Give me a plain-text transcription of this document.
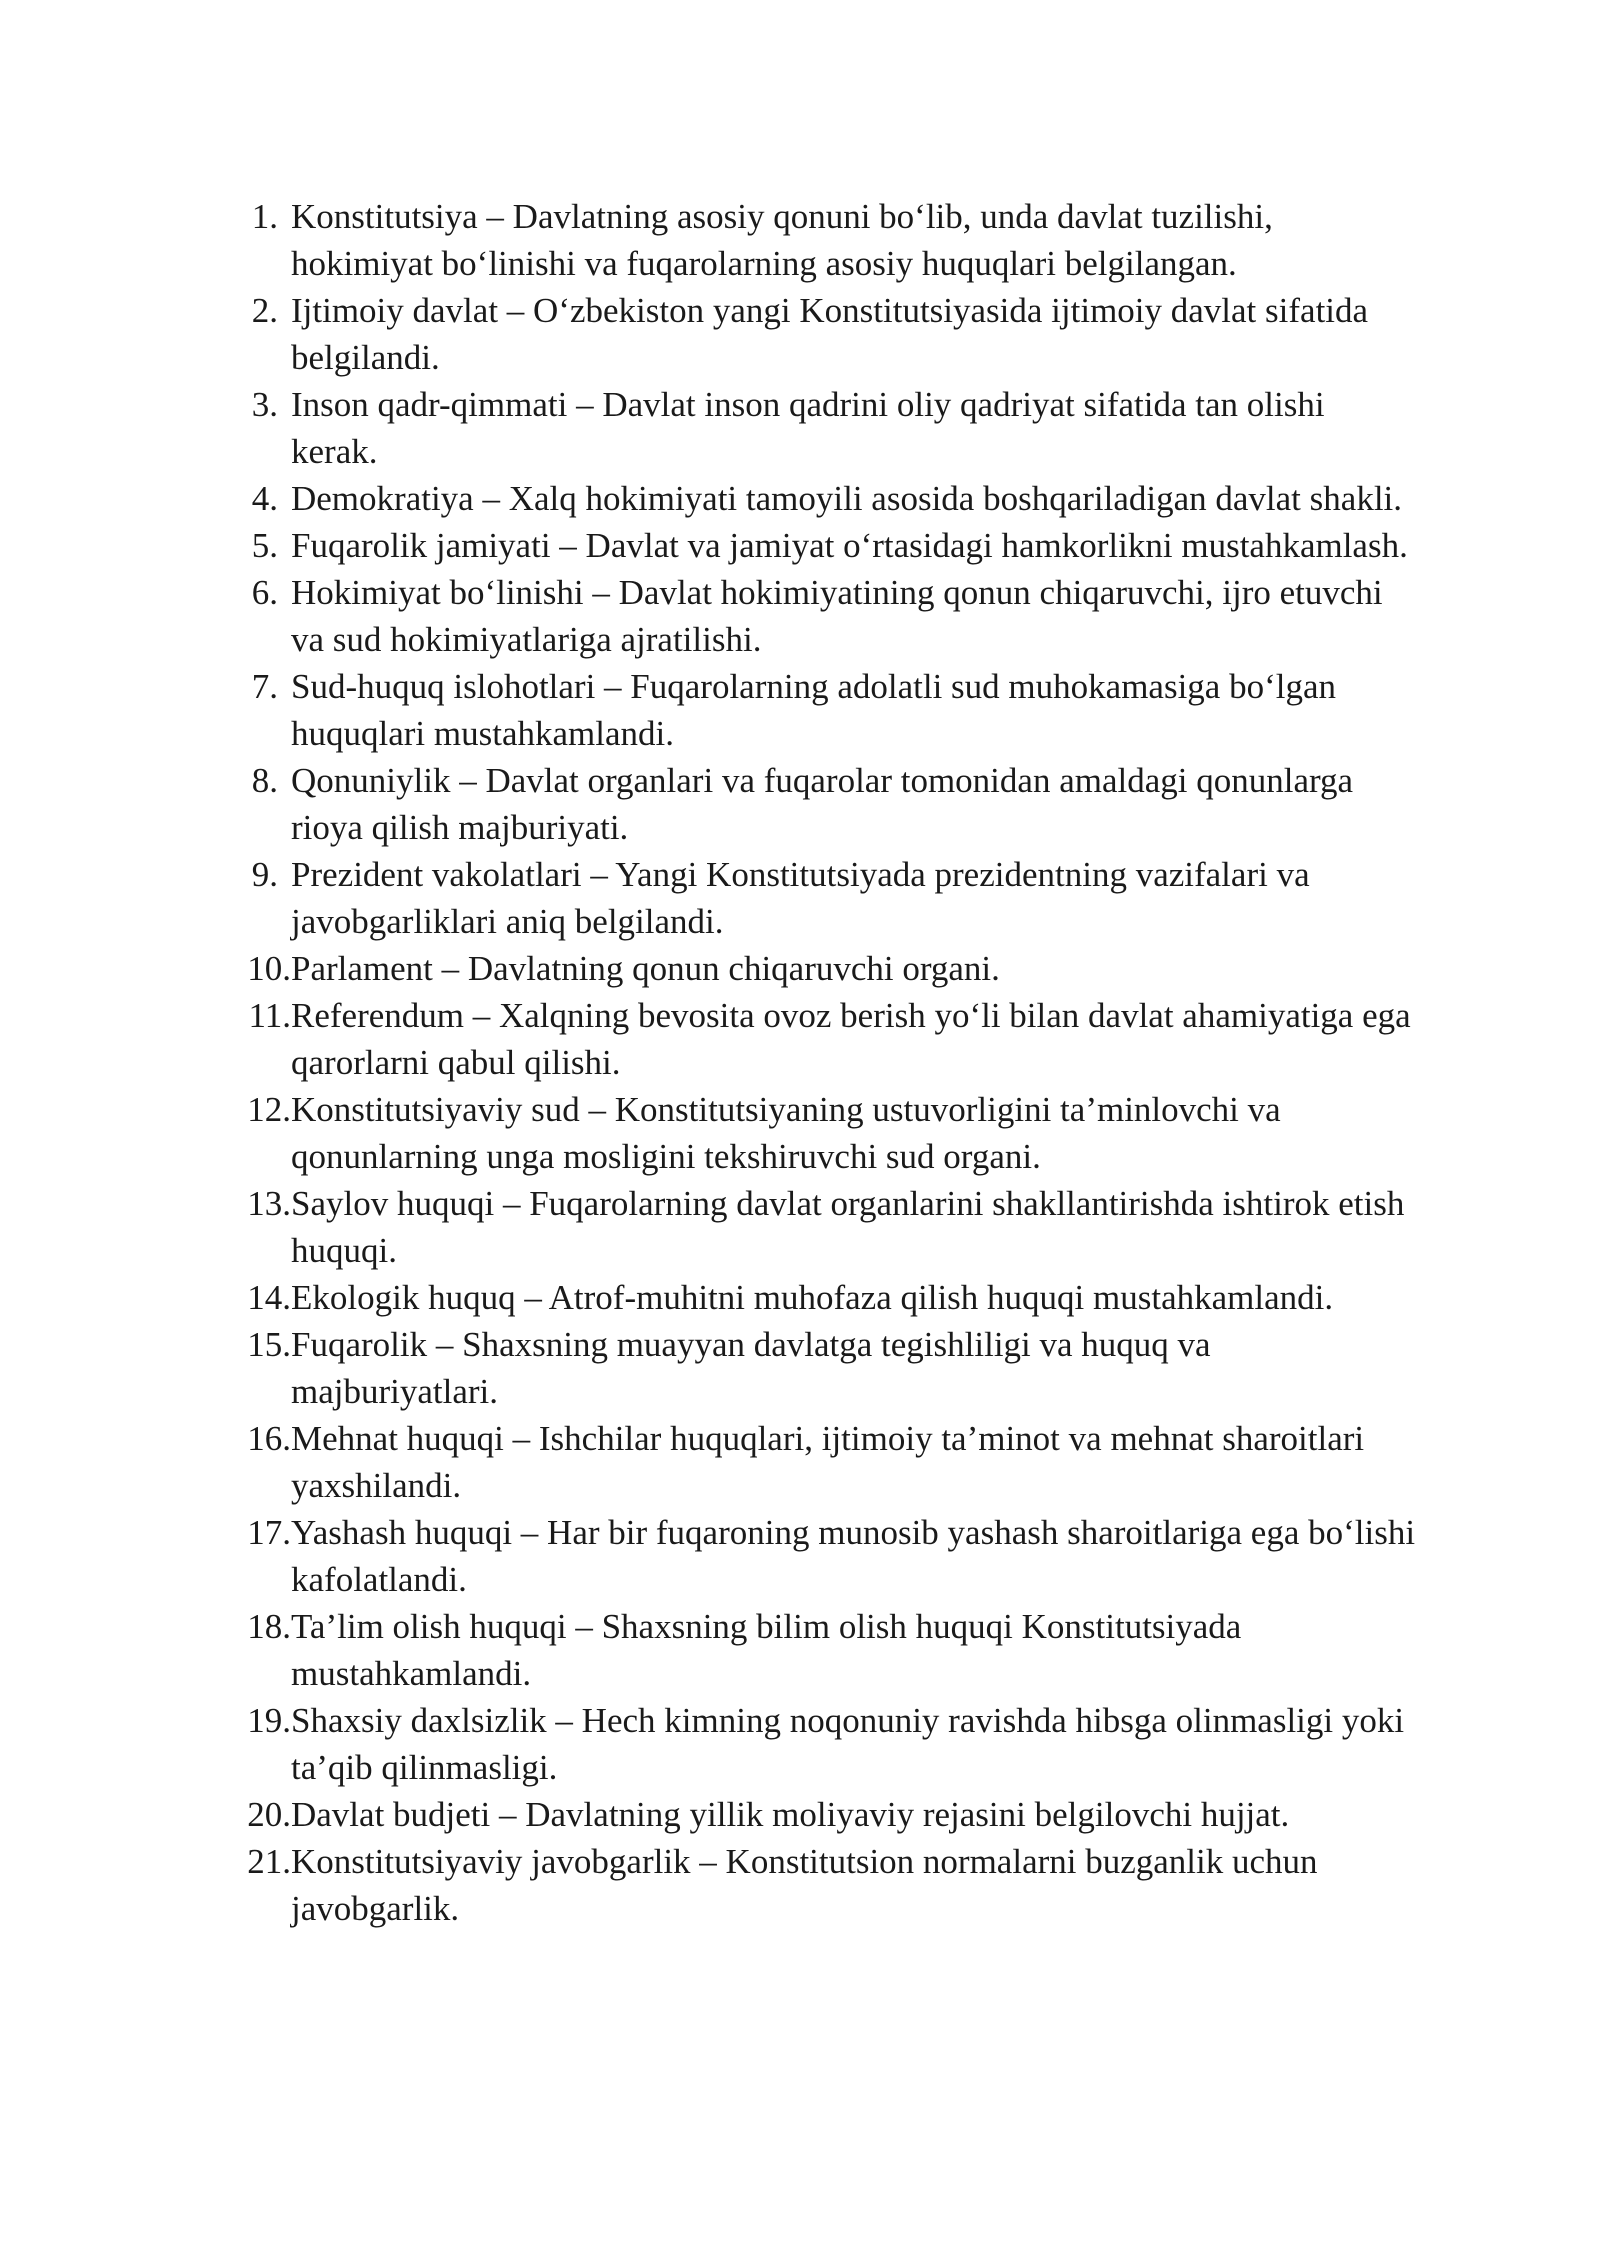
1. Konstitutsiya – Davlatning asosiy qonuni bo‘lib, unda davlat tuzilishi, hokimiyat bo‘linishi va fuqarolarning asosiy huquqlari belgilangan.
2. Ijtimoiy davlat – O‘zbekiston yangi Konstitutsiyasida ijtimoiy davlat sifatida belgilandi.
3. Inson qadr-qimmati – Davlat inson qadrini oliy qadriyat sifatida tan olishi kerak.
4. Demokratiya – Xalq hokimiyati tamoyili asosida boshqariladigan davlat shakli.
5. Fuqarolik jamiyati – Davlat va jamiyat o‘rtasidagi hamkorlikni mustahkamlash.
6. Hokimiyat bo‘linishi – Davlat hokimiyatining qonun chiqaruvchi, ijro etuvchi va sud hokimiyatlariga ajratilishi.
7. Sud-huquq islohotlari – Fuqarolarning adolatli sud muhokamasiga bo‘lgan huquqlari mustahkamlandi.
8. Qonuniylik – Davlat organlari va fuqarolar tomonidan amaldagi qonunlarga rioya qilish majburiyati.
9. Prezident vakolatlari – Yangi Konstitutsiyada prezidentning vazifalari va javobgarliklari aniq belgilandi.
10. Parlament – Davlatning qonun chiqaruvchi organi.
11. Referendum – Xalqning bevosita ovoz berish yo‘li bilan davlat ahamiyatiga ega qarorlarni qabul qilishi.
12. Konstitutsiyaviy sud – Konstitutsiyaning ustuvorligini ta’minlovchi va qonunlarning unga mosligini tekshiruvchi sud organi.
13. Saylov huquqi – Fuqarolarning davlat organlarini shakllantirishda ishtirok etish huquqi.
14. Ekologik huquq – Atrof-muhitni muhofaza qilish huquqi mustahkamlandi.
15. Fuqarolik – Shaxsning muayyan davlatga tegishliligi va huquq va majburiyatlari.
16. Mehnat huquqi – Ishchilar huquqlari, ijtimoiy ta’minot va mehnat sharoitlari yaxshilandi.
17. Yashash huquqi – Har bir fuqaroning munosib yashash sharoitlariga ega bo‘lishi kafolatlandi.
18. Ta’lim olish huquqi – Shaxsning bilim olish huquqi Konstitutsiyada mustahkamlandi.
19. Shaxsiy daxlsizlik – Hech kimning noqonuniy ravishda hibsga olinmasligi yoki ta’qib qilinmasligi.
20. Davlat budjeti – Davlatning yillik moliyaviy rejasini belgilovchi hujjat.
21. Konstitutsiyaviy javobgarlik – Konstitutsion normalarni buzganlik uchun javobgarlik.
